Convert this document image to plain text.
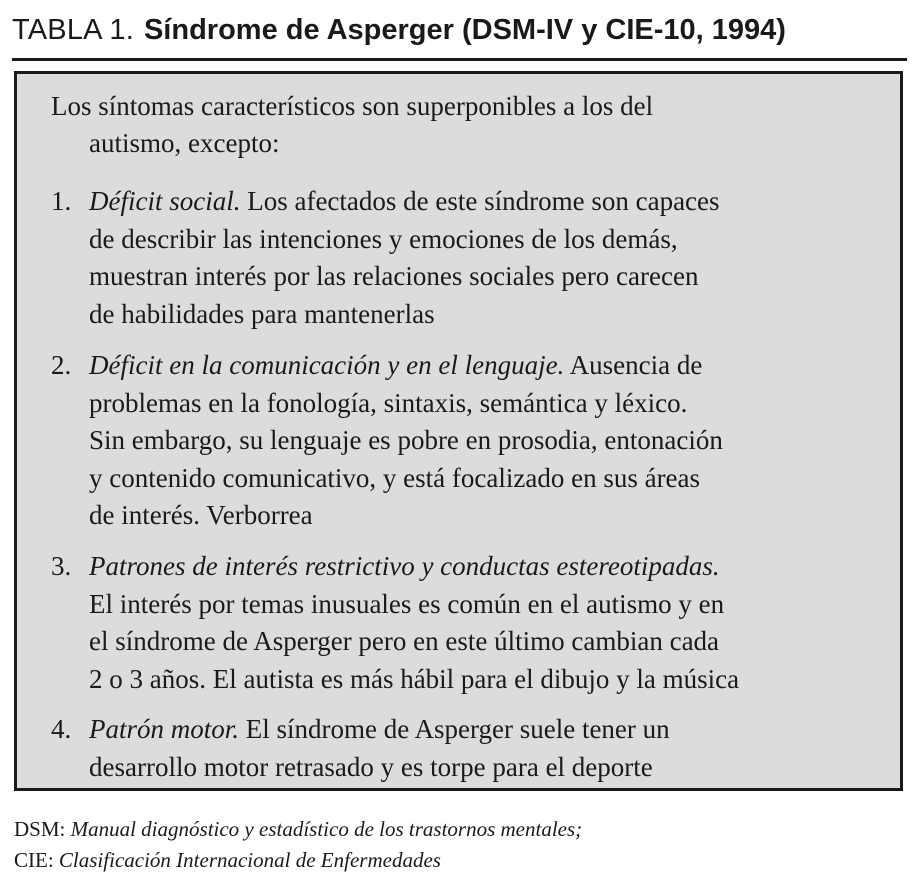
TABLA 1. Síndrome de Asperger (DSM-IV y CIE-10, 1994)
Los síntomas característicos son superponibles a los del
autismo, excepto:
1. Déficit social. Los afectados de este síndrome son capaces
de describir las intenciones y emociones de los demás,
muestran interés por las relaciones sociales pero carecen
de habilidades para mantenerlas
2. Déficit en la comunicación y en el lenguaje. Ausencia de
problemas en la fonología, sintaxis, semántica y léxico.
Sin embargo, su lenguaje es pobre en prosodia, entonación
y contenido comunicativo, y está focalizado en sus áreas
de interés. Verborrea
3. Patrones de interés restrictivo y conductas estereotipadas.
El interés por temas inusuales es común en el autismo y en
el síndrome de Asperger pero en este último cambian cada
2 o 3 años. El autista es más hábil para el dibujo y la música
4. Patrón motor. El síndrome de Asperger suele tener un
desarrollo motor retrasado y es torpe para el deporte
DSM: Manual diagnóstico y estadístico de los trastornos mentales;
CIE: Clasificación Internacional de Enfermedades
